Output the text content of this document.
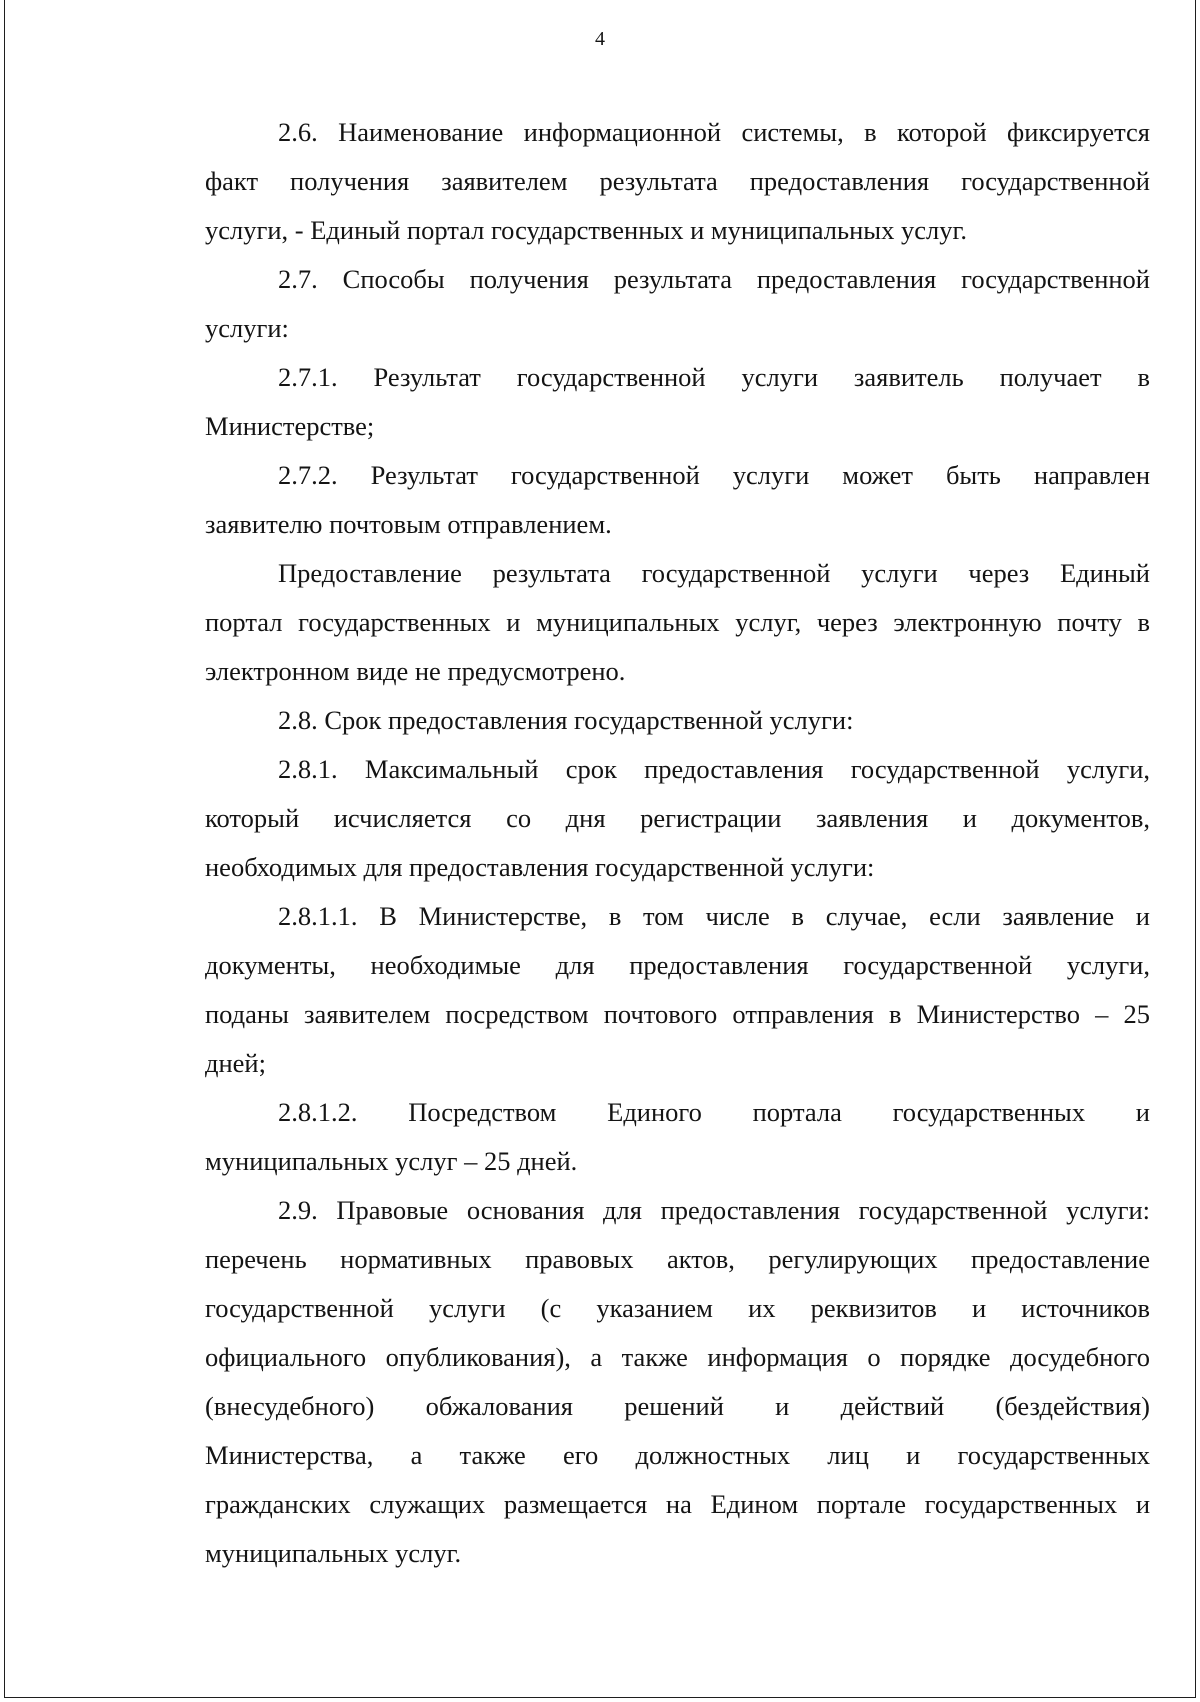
4
2.6. Наименование информационной системы, в которой фиксируется
факт получения заявителем результата предоставления государственной
услуги, - Единый портал государственных и муниципальных услуг.
2.7. Способы получения результата предоставления государственной
услуги:
2.7.1. Результат государственной услуги заявитель получает в
Министерстве;
2.7.2. Результат государственной услуги может быть направлен
заявителю почтовым отправлением.
Предоставление результата государственной услуги через Единый
портал государственных и муниципальных услуг, через электронную почту в
электронном виде не предусмотрено.
2.8. Срок предоставления государственной услуги:
2.8.1. Максимальный срок предоставления государственной услуги,
который исчисляется со дня регистрации заявления и документов,
необходимых для предоставления государственной услуги:
2.8.1.1. В Министерстве, в том числе в случае, если заявление и
документы, необходимые для предоставления государственной услуги,
поданы заявителем посредством почтового отправления в Министерство – 25
дней;
2.8.1.2. Посредством Единого портала государственных и
муниципальных услуг – 25 дней.
2.9. Правовые основания для предоставления государственной услуги:
перечень нормативных правовых актов, регулирующих предоставление
государственной услуги (с указанием их реквизитов и источников
официального опубликования), а также информация о порядке досудебного
(внесудебного) обжалования решений и действий (бездействия)
Министерства, а также его должностных лиц и государственных
гражданских служащих размещается на Едином портале государственных и
муниципальных услуг.
